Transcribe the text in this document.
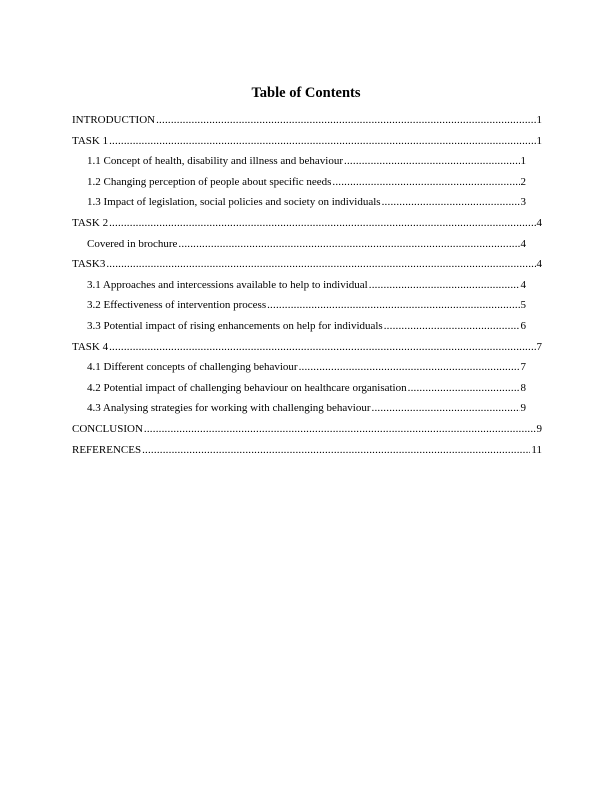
Table of Contents
INTRODUCTION .....	1
TASK 1 .....	1
1.1 Concept of health, disability and illness and behaviour .....	1
1.2 Changing perception of people about specific needs .....	2
1.3 Impact of legislation, social policies and society on individuals .....	3
TASK 2 .....	4
Covered in brochure .....	4
TASK3 .....	4
3.1 Approaches and intercessions available to help to individual .....	4
3.2 Effectiveness of intervention process .....	5
3.3 Potential impact of rising enhancements on help for individuals .....	6
TASK 4 .....	7
4.1 Different concepts of challenging behaviour .....	7
4.2 Potential impact of challenging behaviour on healthcare organisation .....	8
4.3 Analysing strategies for working with challenging behaviour .....	9
CONCLUSION .....	9
REFERENCES .....	11
